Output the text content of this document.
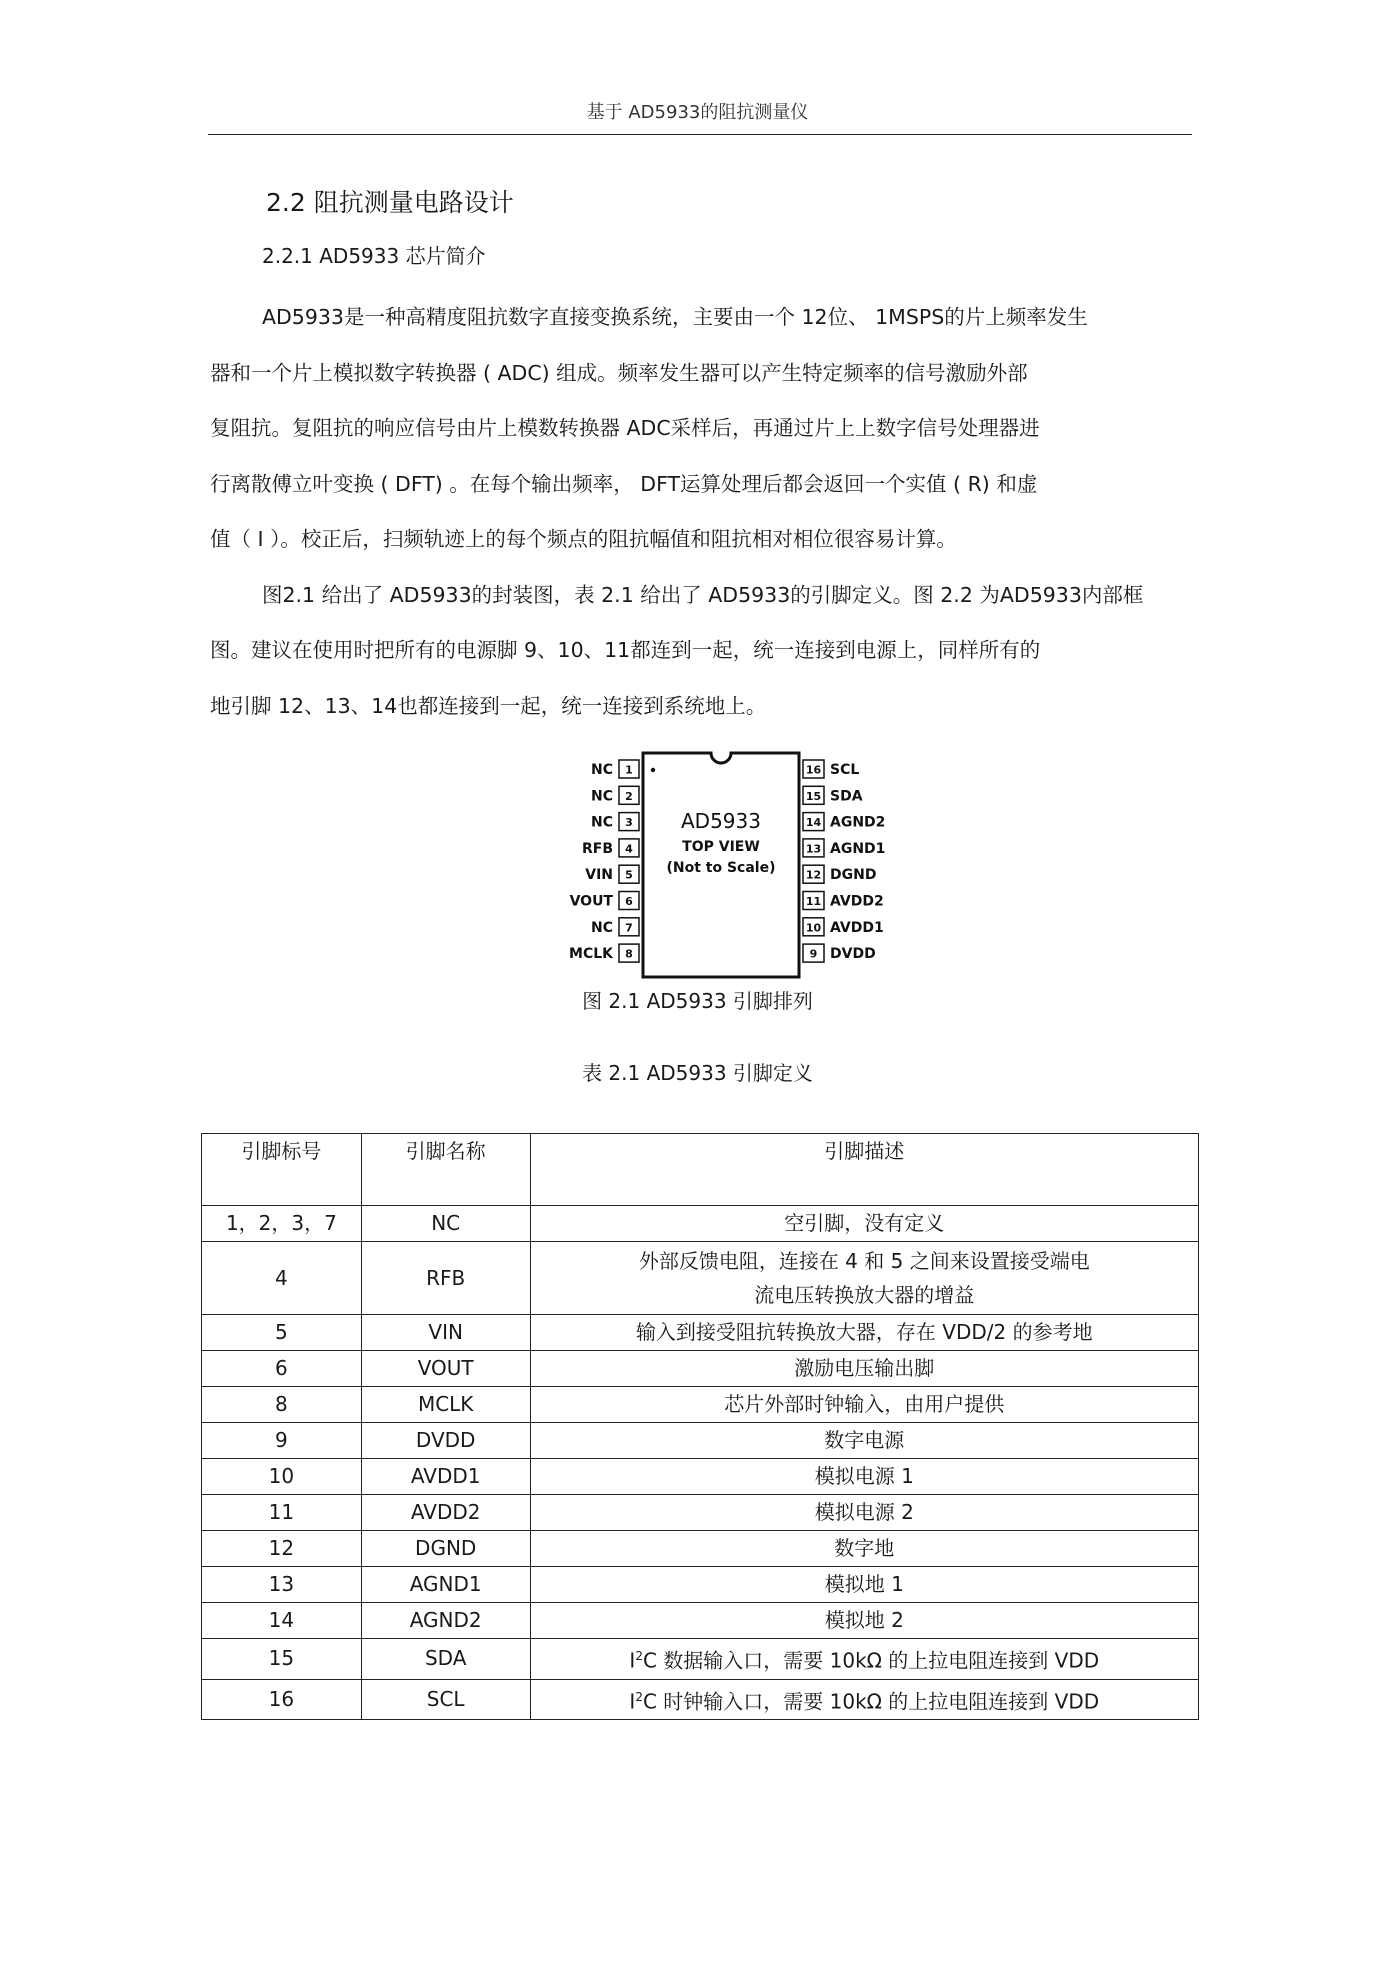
基于 AD5933的阻抗测量仪
2.2 阻抗测量电路设计
2.2.1 AD5933 芯片简介

AD5933是一种高精度阻抗数字直接变换系统，主要由一个 12位、 1MSPS的片上频率发生
器和一个片上模拟数字转换器 ( ADC) 组成。频率发生器可以产生特定频率的信号激励外部
复阻抗。复阻抗的响应信号由片上模数转换器 ADC采样后，再通过片上上数字信号处理器进
行离散傅立叶变换 ( DFT) 。在每个输出频率， DFT运算处理后都会返回一个实值 ( R) 和虚
值（ I ）。校正后，扫频轨迹上的每个频点的阻抗幅值和阻抗相对相位很容易计算。

图2.1 给出了 AD5933的封装图，表 2.1 给出了 AD5933的引脚定义。图 2.2 为AD5933内部框
图。建议在使用时把所有的电源脚 9、10、11都连到一起，统一连接到电源上，同样所有的
地引脚 12、13、14也都连接到一起，统一连接到系统地上。

AD5933
TOP VIEW
(Not to Scale)
1
NC
2
NC
3
NC
4
RFB
5
VIN
6
VOUT
7
NC
8
MCLK
16 SCL
15 SDA
14 AGND2
13 AGND1
12 DGND
11 AVDD2
10 AVDD1
9 DVDD
图 2.1 AD5933 引脚排列
表 2.1 AD5933 引脚定义
引脚标号	引脚名称	引脚描述
1，2，3，7	NC	空引脚，没有定义
4	RFB	外部反馈电阻，连接在 4 和 5 之间来设置接受端电流电压转换放大器的增益

5	VIN	输入到接受阻抗转换放大器，存在 VDD/2 的参考地
6	VOUT	激励电压输出脚
8	MCLK	芯片外部时钟输入，由用户提供
9	DVDD	数字电源
10	AVDD1	模拟电源 1
11	AVDD2	模拟电源 2
12	DGND	数字地
13	AGND1	模拟地 1
14	AGND2	模拟地 2
15	SDA	$I^2C$ 数据输入口，需要 10kΩ 的上拉电阻连接到 VDD
16	SCL	$I^2C$ 时钟输入口，需要 10kΩ 的上拉电阻连接到 VDD
